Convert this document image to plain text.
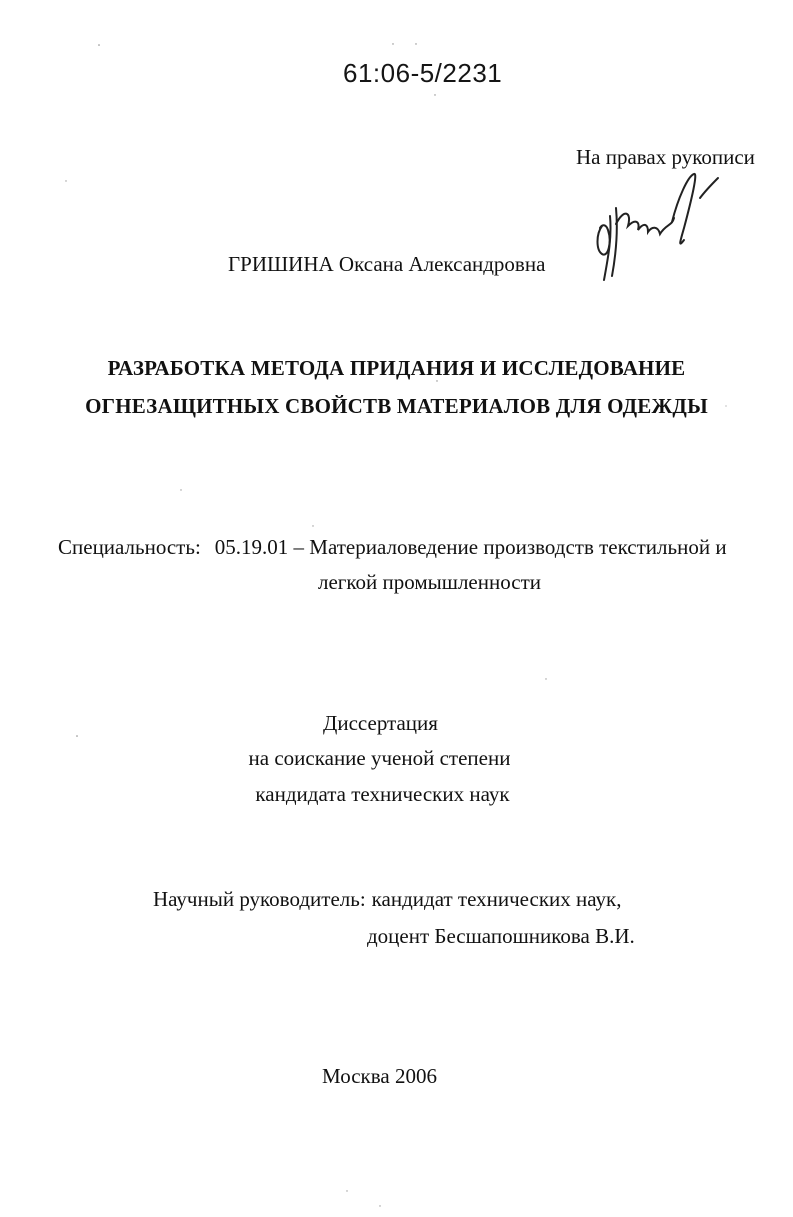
61:06-5/2231
На правах рукописи
ГРИШИНА Оксана Александровна
РАЗРАБОТКА МЕТОДА ПРИДАНИЯ И ИССЛЕДОВАНИЕ
ОГНЕЗАЩИТНЫХ СВОЙСТВ МАТЕРИАЛОВ ДЛЯ ОДЕЖДЫ
Специальность: 05.19.01 – Материаловедение производств текстильной и
легкой промышленности
Диссертация
на соискание ученой степени
кандидата технических наук
Научный руководитель: кандидат технических наук,
доцент Бесшапошникова В.И.
Москва 2006
